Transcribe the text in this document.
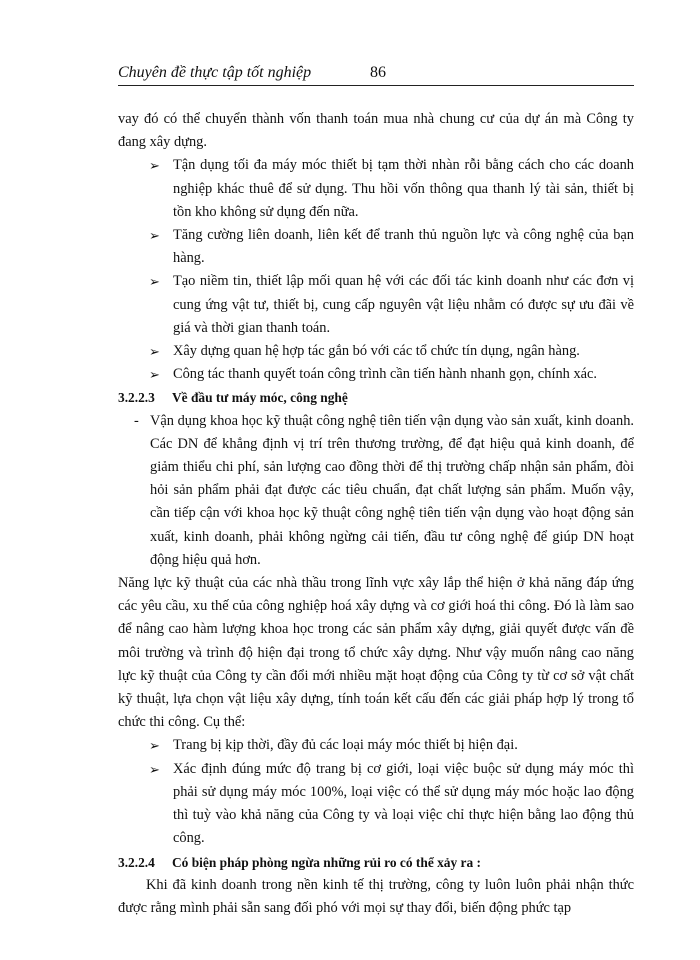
Chuyên đề thực tập tốt nghiệp	86

vay đó có thể chuyển thành vốn thanh toán mua nhà chung cư của dự án mà Công ty đang xây dựng.

➢ Tận dụng tối đa máy móc thiết bị tạm thời nhàn rỗi bằng cách cho các doanh nghiệp khác thuê để sử dụng. Thu hồi vốn thông qua thanh lý tài sản, thiết bị tồn kho không sử dụng đến nữa.

➢ Tăng cường liên doanh, liên kết để tranh thủ nguồn lực và công nghệ của bạn hàng.

➢ Tạo niềm tin, thiết lập mối quan hệ với các đối tác kinh doanh như các đơn vị cung ứng vật tư, thiết bị, cung cấp nguyên vật liệu nhằm có được sự ưu đãi về giá và thời gian thanh toán.

➢ Xây dựng quan hệ hợp tác gắn bó với các tổ chức tín dụng, ngân hàng.

➢ Công tác thanh quyết toán công trình cần tiến hành nhanh gọn, chính xác.

3.2.2.3 Về đầu tư máy móc, công nghệ

- Vận dụng khoa học kỹ thuật công nghệ tiên tiến vận dụng vào sản xuất, kinh doanh. Các DN để khẳng định vị trí trên thương trường, để đạt hiệu quả kinh doanh, để giảm thiểu chi phí, sản lượng cao đồng thời để thị trường chấp nhận sản phẩm, đòi hỏi sản phẩm phải đạt được các tiêu chuẩn, đạt chất lượng sản phẩm. Muốn vậy, cần tiếp cận với khoa học kỹ thuật công nghệ tiên tiến vận dụng vào hoạt động sản xuất, kinh doanh, phải không ngừng cải tiến, đầu tư công nghệ để giúp DN hoạt động hiệu quả hơn.

Năng lực kỹ thuật của các nhà thầu trong lĩnh vực xây lắp thể hiện ở khả năng đáp ứng các yêu cầu, xu thế của công nghiệp hoá xây dựng và cơ giới hoá thi công. Đó là làm sao để nâng cao hàm lượng khoa học trong các sản phẩm xây dựng, giải quyết được vấn đề môi trường và trình độ hiện đại trong tổ chức xây dựng. Như vậy muốn nâng cao năng lực kỹ thuật của Công ty cần đổi mới nhiều mặt hoạt động của Công ty từ cơ sở vật chất kỹ thuật, lựa chọn vật liệu xây dựng, tính toán kết cấu đến các giải pháp hợp lý trong tổ chức thi công. Cụ thể:

➢ Trang bị kịp thời, đầy đủ các loại máy móc thiết bị hiện đại.

➢ Xác định đúng mức độ trang bị cơ giới, loại việc buộc sử dụng máy móc thì phải sử dụng máy móc 100%, loại việc có thể sử dụng máy móc hoặc lao động thì tuỳ vào khả năng của Công ty và loại việc chỉ thực hiện bằng lao động thủ công.

3.2.2.4 Có biện pháp phòng ngừa những rủi ro có thể xảy ra :

Khi đã kinh doanh trong nền kinh tế thị trường, công ty luôn luôn phải nhận thức được rằng mình phải sẵn sang đối phó với mọi sự thay đổi, biến động phức tạp
